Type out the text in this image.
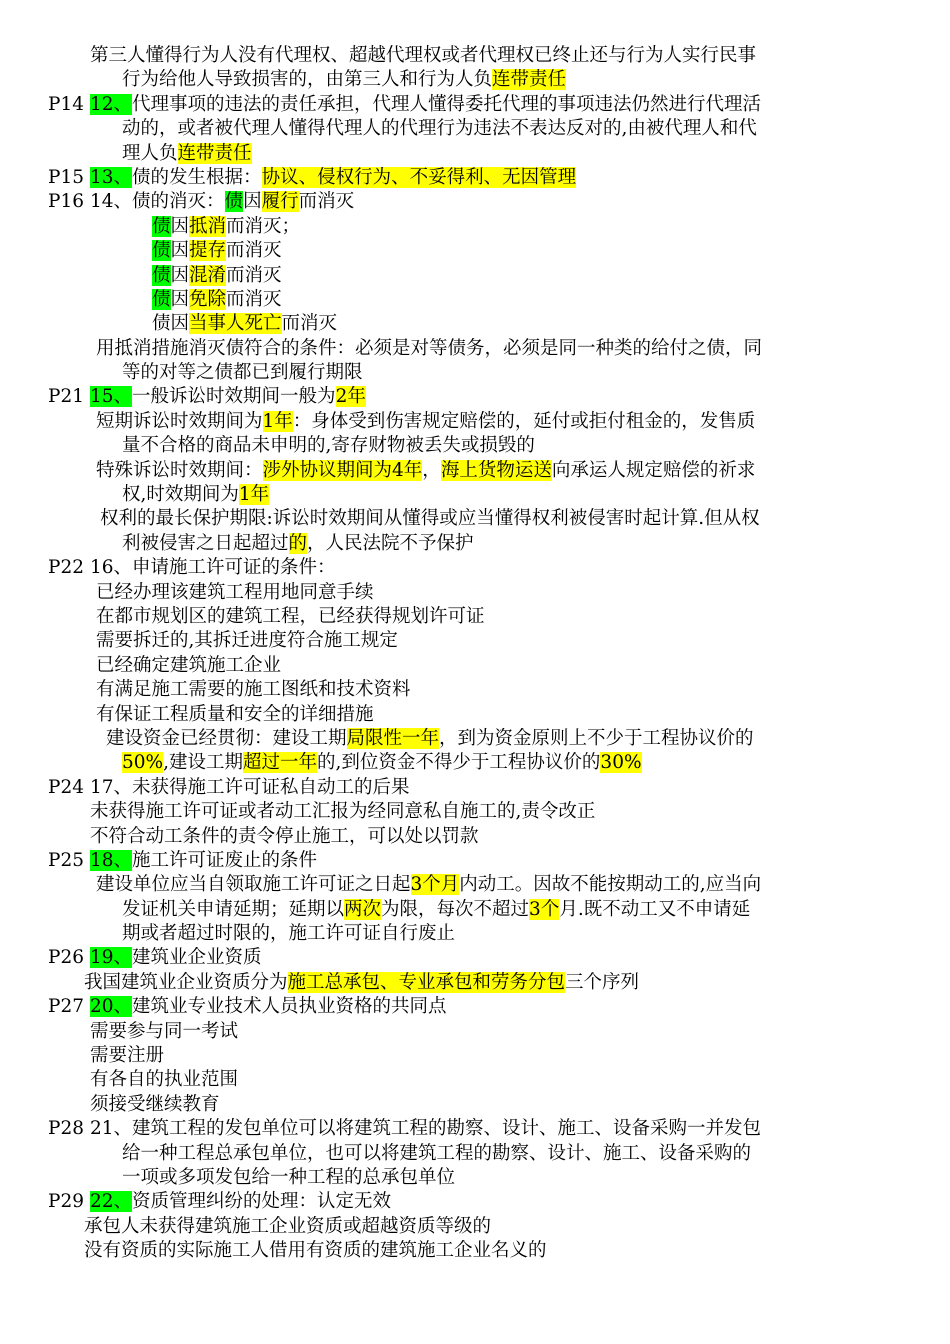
第三人懂得行为人没有代理权、超越代理权或者代理权已终止还与行为人实行民事
行为给他人导致损害的，由第三人和行为人负连带责任
P14 12、代理事项的违法的责任承担，代理人懂得委托代理的事项违法仍然进行代理活
动的，或者被代理人懂得代理人的代理行为违法不表达反对的,由被代理人和代
理人负连带责任
P15 13、债的发生根据：协议、侵权行为、不妥得利、无因管理
P16 14、债的消灭：债因履行而消灭
债因抵消而消灭；
债因提存而消灭
债因混淆而消灭
债因免除而消灭
债因当事人死亡而消灭
用抵消措施消灭债符合的条件：必须是对等债务，必须是同一种类的给付之债，同
等的对等之债都已到履行期限
P21 15、一般诉讼时效期间一般为2年
短期诉讼时效期间为1年：身体受到伤害规定赔偿的，延付或拒付租金的，发售质
量不合格的商品未申明的,寄存财物被丢失或损毁的
特殊诉讼时效期间：涉外协议期间为4年，海上货物运送向承运人规定赔偿的祈求
权,时效期间为1年
权利的最长保护期限:诉讼时效期间从懂得或应当懂得权利被侵害时起计算.但从权
利被侵害之日起超过的，人民法院不予保护
P22 16、申请施工许可证的条件：
已经办理该建筑工程用地同意手续
在都市规划区的建筑工程，已经获得规划许可证
需要拆迁的,其拆迁进度符合施工规定
已经确定建筑施工企业
有满足施工需要的施工图纸和技术资料
有保证工程质量和安全的详细措施
建设资金已经贯彻：建设工期局限性一年，到为资金原则上不少于工程协议价的
50%,建设工期超过一年的,到位资金不得少于工程协议价的30%
P24 17、未获得施工许可证私自动工的后果
未获得施工许可证或者动工汇报为经同意私自施工的,责令改正
不符合动工条件的责令停止施工，可以处以罚款
P25 18、施工许可证废止的条件
建设单位应当自领取施工许可证之日起3个月内动工。因故不能按期动工的,应当向
发证机关申请延期；延期以两次为限，每次不超过3个月.既不动工又不申请延
期或者超过时限的，施工许可证自行废止
P26 19、建筑业企业资质
我国建筑业企业资质分为施工总承包、专业承包和劳务分包三个序列
P27 20、建筑业专业技术人员执业资格的共同点
需要参与同一考试
需要注册
有各自的执业范围
须接受继续教育
P28 21、建筑工程的发包单位可以将建筑工程的勘察、设计、施工、设备采购一并发包
给一种工程总承包单位，也可以将建筑工程的勘察、设计、施工、设备采购的
一项或多项发包给一种工程的总承包单位
P29 22、资质管理纠纷的处理：认定无效
承包人未获得建筑施工企业资质或超越资质等级的
没有资质的实际施工人借用有资质的建筑施工企业名义的
